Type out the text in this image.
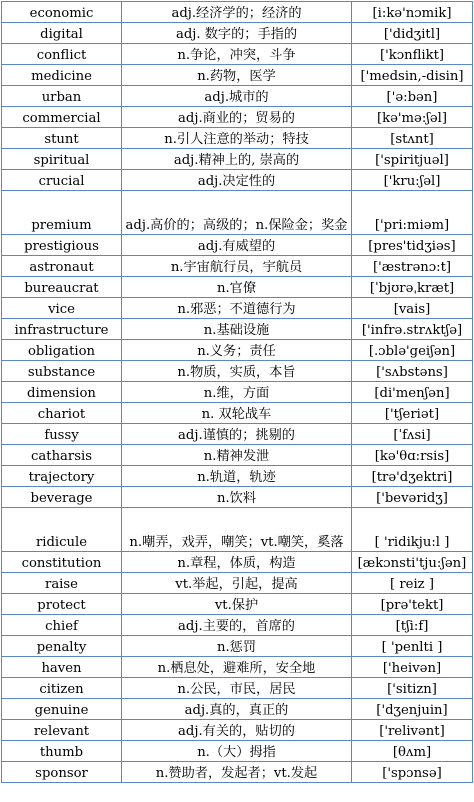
economic	adj.经济学的；经济的	[i:kə'nɔmik]
digital	adj. 数字的；手指的	['didʒitl]
conflict	n.争论，冲突，斗争	['kɔnflikt]
medicine	n.药物，医学	['medsin,-disin]
urban	adj.城市的	['ə:bən]
commercial	adj.商业的；贸易的	[kə'mə:ʃəl]
stunt	n.引人注意的举动；特技	[stʌnt]
spiritual	adj.精神上的, 崇高的	['spiritjuəl]
crucial	adj.决定性的	['kru:ʃəl]
premium	adj.高价的；高级的；n.保险金；奖金	['pri:miəm]
prestigious	adj.有威望的	[pres'tidʒiəs]
astronaut	n.宇宙航行员，宇航员	['æstrənɔ:t]
bureaucrat	n.官僚	[ˈbjʊrəˌkræt]
vice	n.邪恶；不道德行为	[vais]
infrastructure	n.基础设施	['infrə.strʌktʃə]
obligation	n.义务；责任	[.ɔblə'geiʃən]
substance	n.物质，实质，本旨	['sʌbstəns]
dimension	n.维，方面	[di'menʃən]
chariot	n. 双轮战车	['tʃeriət]
fussy	adj.谨慎的；挑剔的	[ˈfʌsi]
catharsis	n.精神发泄	[kə'θɑ:rsis]
trajectory	n.轨道，轨迹	[trə'dʒektri]
beverage	n.饮料	['bevəridʒ]
ridicule	n.嘲弄，戏弄，嘲笑；vt.嘲笑，奚落	[ 'ridikju:l ]
constitution	n.章程，体质，构造	[ækɔnsti'tju:ʃən]
raise	vt.举起，引起，提高	[ reiz ]
protect	vt.保护	[prə'tekt]
chief	adj.主要的，首席的	[tʃi:f]
penalty	n.惩罚	[ 'penlti ]
haven	n.栖息处，避难所，安全地	['heivən]
citizen	n.公民，市民，居民	['sitizn]
genuine	adj.真的，真正的	['dʒenjuin]
relevant	adj.有关的，贴切的	['relivənt]
thumb	n.（大）拇指	[θʌm]
sponsor	n.赞助者，发起者；vt.发起	['spɔnsə]
